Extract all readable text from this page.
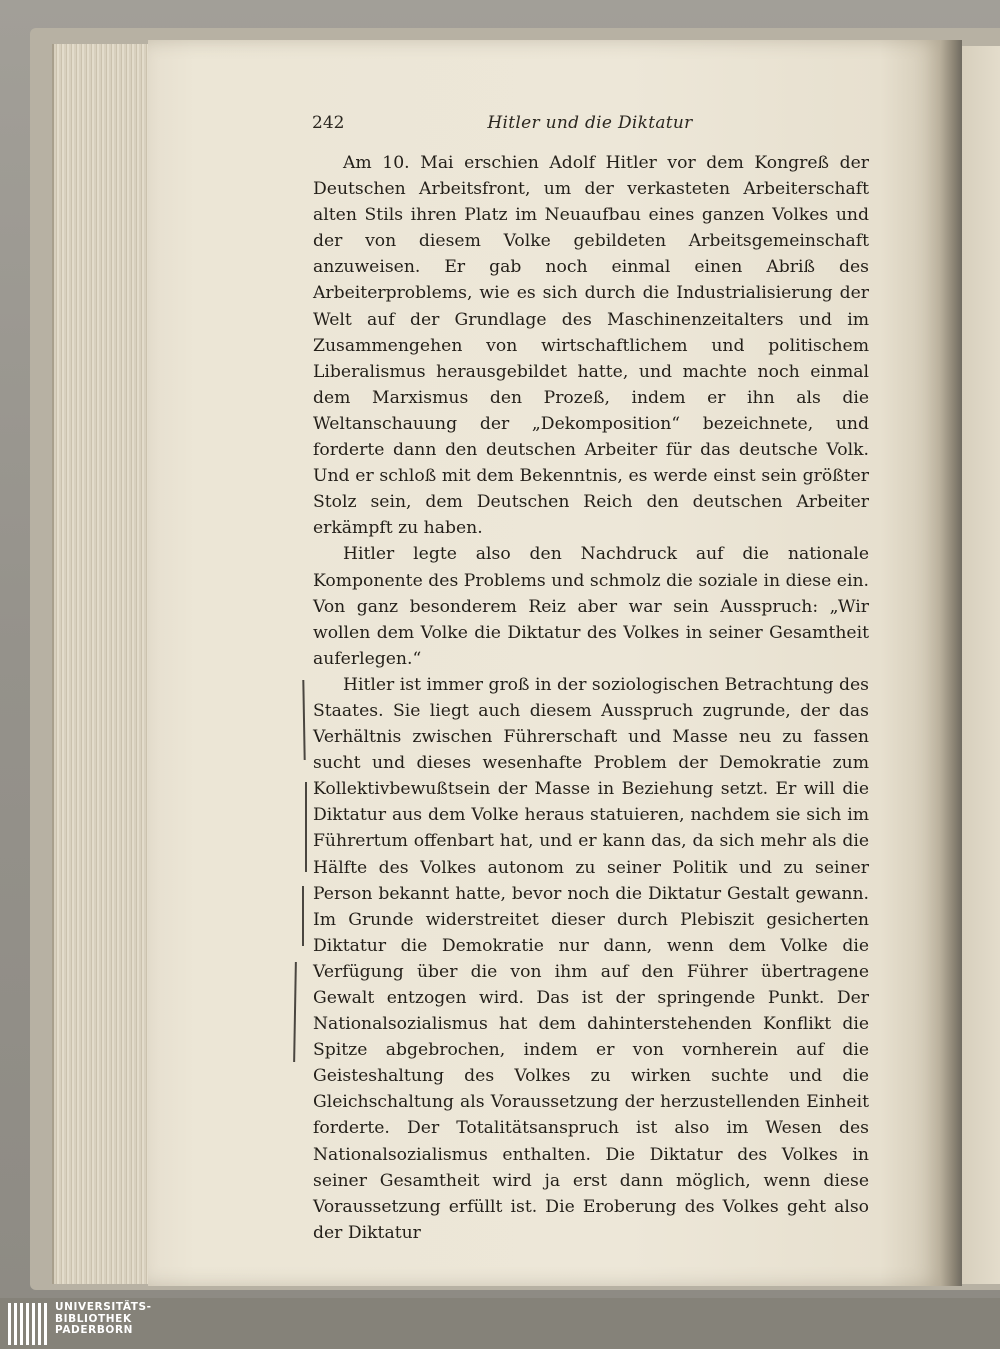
242	Hitler und die Diktatur

Am 10. Mai erschien Adolf Hitler vor dem Kongreß der Deutschen Arbeitsfront, um der verkasteten Arbeiterschaft alten Stils ihren Platz im Neuaufbau eines ganzen Volkes und der von diesem Volke gebildeten Arbeitsgemeinschaft anzuweisen. Er gab noch einmal einen Abriß des Arbeiterproblems, wie es sich durch die Industrialisierung der Welt auf der Grundlage des Maschinenzeitalters und im Zusammengehen von wirtschaftlichem und politischem Liberalismus herausgebildet hatte, und machte noch einmal dem Marxismus den Prozeß, indem er ihn als die Weltanschauung der „Dekomposition“ bezeichnete, und forderte dann den deutschen Arbeiter für das deutsche Volk. Und er schloß mit dem Bekenntnis, es werde einst sein größter Stolz sein, dem Deutschen Reich den deutschen Arbeiter erkämpft zu haben.

Hitler legte also den Nachdruck auf die nationale Komponente des Problems und schmolz die soziale in diese ein. Von ganz besonderem Reiz aber war sein Ausspruch: „Wir wollen dem Volke die Diktatur des Volkes in seiner Gesamtheit auferlegen.“

Hitler ist immer groß in der soziologischen Betrachtung des Staates. Sie liegt auch diesem Ausspruch zugrunde, der das Verhältnis zwischen Führerschaft und Masse neu zu fassen sucht und dieses wesenhafte Problem der Demokratie zum Kollektivbewußtsein der Masse in Beziehung setzt. Er will die Diktatur aus dem Volke heraus statuieren, nachdem sie sich im Führertum offenbart hat, und er kann das, da sich mehr als die Hälfte des Volkes autonom zu seiner Politik und zu seiner Person bekannt hatte, bevor noch die Diktatur Gestalt gewann. Im Grunde widerstreitet dieser durch Plebiszit gesicherten Diktatur die Demokratie nur dann, wenn dem Volke die Verfügung über die von ihm auf den Führer übertragene Gewalt entzogen wird. Das ist der springende Punkt. Der Nationalsozialismus hat dem dahinterstehenden Konflikt die Spitze abgebrochen, indem er von vornherein auf die Geisteshaltung des Volkes zu wirken suchte und die Gleichschaltung als Voraussetzung der herzustellenden Einheit forderte. Der Totalitätsanspruch ist also im Wesen des Nationalsozialismus enthalten. Die Diktatur des Volkes in seiner Gesamtheit wird ja erst dann möglich, wenn diese Voraussetzung erfüllt ist. Die Eroberung des Volkes geht also der Diktatur

UNIVERSITÄTS-
BIBLIOTHEK
PADERBORN
